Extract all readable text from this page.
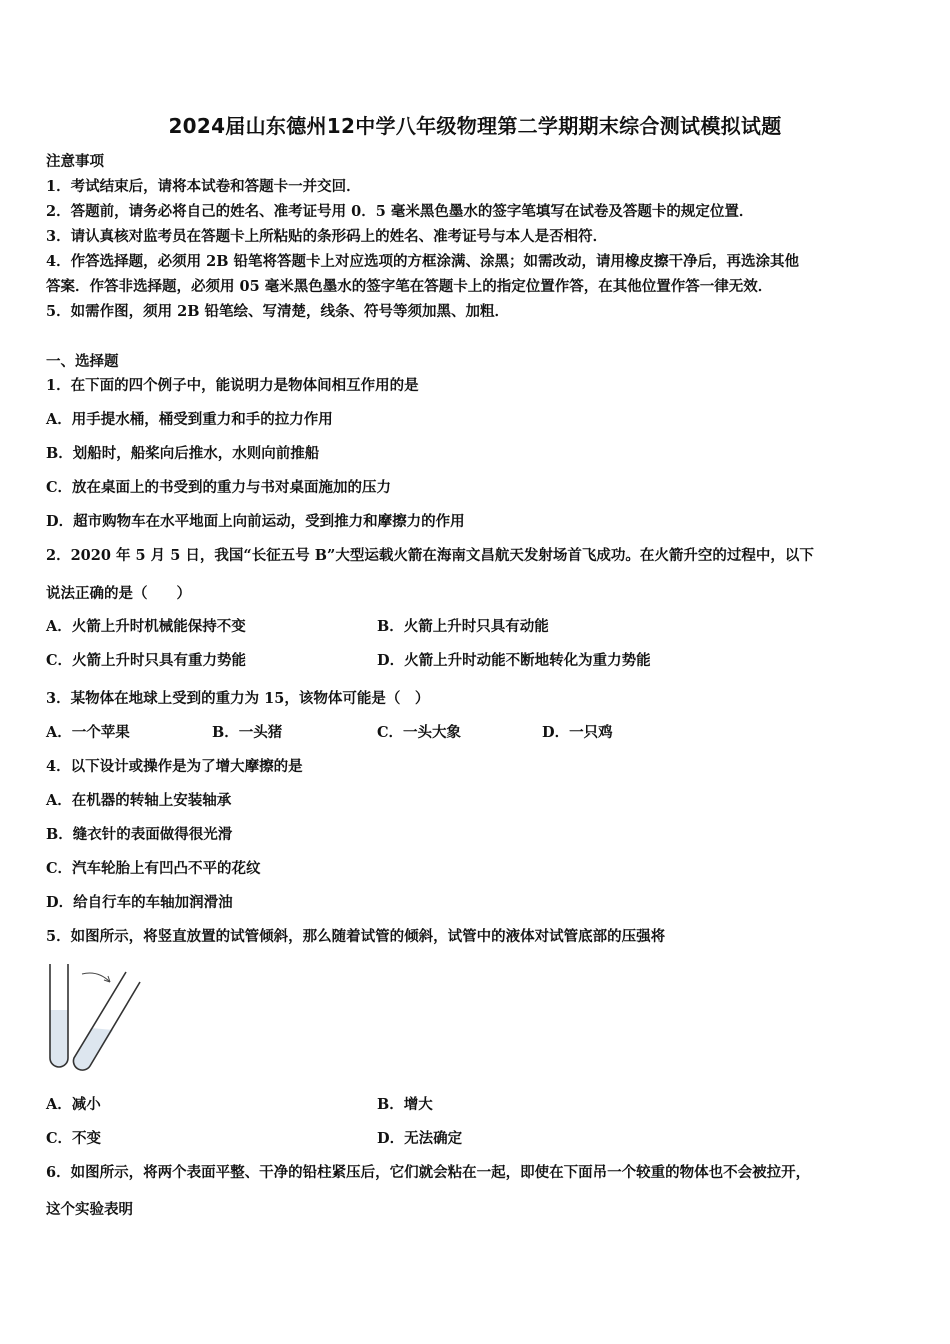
2024届山东德州12中学八年级物理第二学期期末综合测试模拟试题
注意事项
1．考试结束后，请将本试卷和答题卡一并交回．
2．答题前，请务必将自己的姓名、准考证号用 0．5 毫米黑色墨水的签字笔填写在试卷及答题卡的规定位置．
3．请认真核对监考员在答题卡上所粘贴的条形码上的姓名、准考证号与本人是否相符．
4．作答选择题，必须用 2B 铅笔将答题卡上对应选项的方框涂满、涂黑；如需改动，请用橡皮擦干净后，再选涂其他
答案．作答非选择题，必须用 05 毫米黑色墨水的签字笔在答题卡上的指定位置作答，在其他位置作答一律无效．
5．如需作图，须用 2B 铅笔绘、写清楚，线条、符号等须加黑、加粗．
一、选择题
1．在下面的四个例子中，能说明力是物体间相互作用的是
A．用手提水桶，桶受到重力和手的拉力作用
B．划船时，船桨向后推水，水则向前推船
C．放在桌面上的书受到的重力与书对桌面施加的压力
D．超市购物车在水平地面上向前运动，受到推力和摩擦力的作用
2．2020 年 5 月 5 日，我国“长征五号 B”大型运载火箭在海南文昌航天发射场首飞成功。在火箭升空的过程中，以下
说法正确的是（　　）
A．火箭上升时机械能保持不变	B．火箭上升时只具有动能
C．火箭上升时只具有重力势能	D．火箭上升时动能不断地转化为重力势能
3．某物体在地球上受到的重力为 15，该物体可能是（　）
A．一个苹果	B．一头猪	C．一头大象	D．一只鸡
4．以下设计或操作是为了增大摩擦的是
A．在机器的转轴上安装轴承
B．缝衣针的表面做得很光滑
C．汽车轮胎上有凹凸不平的花纹
D．给自行车的车轴加润滑油
5．如图所示，将竖直放置的试管倾斜，那么随着试管的倾斜，试管中的液体对试管底部的压强将
A．减小	B．增大
C．不变	D．无法确定
6．如图所示，将两个表面平整、干净的铅柱紧压后，它们就会粘在一起，即使在下面吊一个较重的物体也不会被拉开，
这个实验表明
